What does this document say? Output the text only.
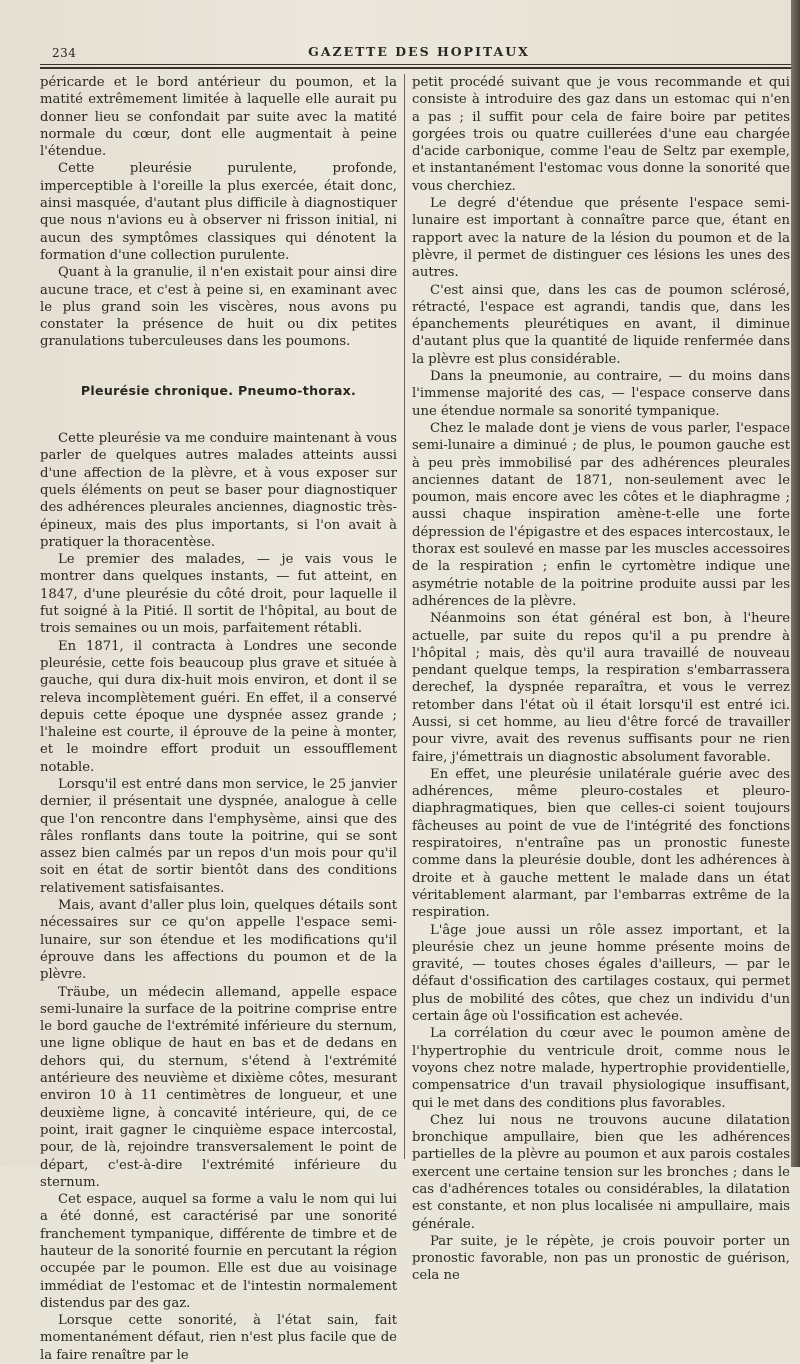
234	GAZETTE DES HOPITAUX

péricarde et le bord antérieur du poumon, et la matité extrêmement limitée à laquelle elle aurait pu donner lieu se confondait par suite avec la matité normale du cœur, dont elle augmentait à peine l'étendue.

Cette pleurésie purulente, profonde, imperceptible à l'oreille la plus exercée, était donc, ainsi masquée, d'autant plus difficile à diagnostiquer que nous n'avions eu à observer ni frisson initial, ni aucun des symptômes classiques qui dénotent la formation d'une collection purulente.

Quant à la granulie, il n'en existait pour ainsi dire aucune trace, et c'est à peine si, en examinant avec le plus grand soin les viscères, nous avons pu constater la présence de huit ou dix petites granulations tuberculeuses dans les poumons.

Pleurésie chronique. Pneumo-thorax.

Cette pleurésie va me conduire maintenant à vous parler de quelques autres malades atteints aussi d'une affection de la plèvre, et à vous exposer sur quels éléments on peut se baser pour diagnostiquer des adhérences pleurales anciennes, diagnostic très-épineux, mais des plus importants, si l'on avait à pratiquer la thoracentèse.

Le premier des malades, — je vais vous le montrer dans quelques instants, — fut atteint, en 1847, d'une pleurésie du côté droit, pour laquelle il fut soigné à la Pitié. Il sortit de l'hôpital, au bout de trois semaines ou un mois, parfaitement rétabli.

En 1871, il contracta à Londres une seconde pleurésie, cette fois beaucoup plus grave et située à gauche, qui dura dix-huit mois environ, et dont il se releva incomplètement guéri. En effet, il a conservé depuis cette époque une dyspnée assez grande ; l'haleine est courte, il éprouve de la peine à monter, et le moindre effort produit un essoufflement notable.

Lorsqu'il est entré dans mon service, le 25 janvier dernier, il présentait une dyspnée, analogue à celle que l'on rencontre dans l'emphysème, ainsi que des râles ronflants dans toute la poitrine, qui se sont assez bien calmés par un repos d'un mois pour qu'il soit en état de sortir bientôt dans des conditions relativement satisfaisantes.

Mais, avant d'aller plus loin, quelques détails sont nécessaires sur ce qu'on appelle l'espace semi-lunaire, sur son étendue et les modifications qu'il éprouve dans les affections du poumon et de la plèvre.

Träube, un médecin allemand, appelle espace semi-lunaire la surface de la poitrine comprise entre le bord gauche de l'extrémité inférieure du sternum, une ligne oblique de haut en bas et de dedans en dehors qui, du sternum, s'étend à l'extrémité antérieure des neuvième et dixième côtes, mesurant environ 10 à 11 centimètres de longueur, et une deuxième ligne, à concavité intérieure, qui, de ce point, irait gagner le cinquième espace intercostal, pour, de là, rejoindre transversalement le point de départ, c'est-à-dire l'extrémité inférieure du sternum.

Cet espace, auquel sa forme a valu le nom qui lui a été donné, est caractérisé par une sonorité franchement tympanique, différente de timbre et de hauteur de la sonorité fournie en percutant la région occupée par le poumon. Elle est due au voisinage immédiat de l'estomac et de l'intestin normalement distendus par des gaz.

Lorsque cette sonorité, à l'état sain, fait momentanément défaut, rien n'est plus facile que de la faire renaître par le

petit procédé suivant que je vous recommande et qui consiste à introduire des gaz dans un estomac qui n'en a pas ; il suffit pour cela de faire boire par petites gorgées trois ou quatre cuillerées d'une eau chargée d'acide carbonique, comme l'eau de Seltz par exemple, et instantanément l'estomac vous donne la sonorité que vous cherchiez.

Le degré d'étendue que présente l'espace semi-lunaire est important à connaître parce que, étant en rapport avec la nature de la lésion du poumon et de la plèvre, il permet de distinguer ces lésions les unes des autres.

C'est ainsi que, dans les cas de poumon sclérosé, rétracté, l'espace est agrandi, tandis que, dans les épanchements pleurétiques en avant, il diminue d'autant plus que la quantité de liquide renfermée dans la plèvre est plus considérable.

Dans la pneumonie, au contraire, — du moins dans l'immense majorité des cas, — l'espace conserve dans une étendue normale sa sonorité tympanique.

Chez le malade dont je viens de vous parler, l'espace semi-lunaire a diminué ; de plus, le poumon gauche est à peu près immobilisé par des adhérences pleurales anciennes datant de 1871, non-seulement avec le poumon, mais encore avec les côtes et le diaphragme ; aussi chaque inspiration amène-t-elle une forte dépression de l'épigastre et des espaces intercostaux, le thorax est soulevé en masse par les muscles accessoires de la respiration ; enfin le cyrtomètre indique une asymétrie notable de la poitrine produite aussi par les adhérences de la plèvre.

Néanmoins son état général est bon, à l'heure actuelle, par suite du repos qu'il a pu prendre à l'hôpital ; mais, dès qu'il aura travaillé de nouveau pendant quelque temps, la respiration s'embarrassera derechef, la dyspnée reparaîtra, et vous le verrez retomber dans l'état où il était lorsqu'il est entré ici. Aussi, si cet homme, au lieu d'être forcé de travailler pour vivre, avait des revenus suffisants pour ne rien faire, j'émettrais un diagnostic absolument favorable.

En effet, une pleurésie unilatérale guérie avec des adhérences, même pleuro-costales et pleuro-diaphragmatiques, bien que celles-ci soient toujours fâcheuses au point de vue de l'intégrité des fonctions respiratoires, n'entraîne pas un pronostic funeste comme dans la pleurésie double, dont les adhérences à droite et à gauche mettent le malade dans un état véritablement alarmant, par l'embarras extrême de la respiration.

L'âge joue aussi un rôle assez important, et la pleurésie chez un jeune homme présente moins de gravité, — toutes choses égales d'ailleurs, — par le défaut d'ossification des cartilages costaux, qui permet plus de mobilité des côtes, que chez un individu d'un certain âge où l'ossification est achevée.

La corrélation du cœur avec le poumon amène de l'hypertrophie du ventricule droit, comme nous le voyons chez notre malade, hypertrophie providentielle, compensatrice d'un travail physiologique insuffisant, qui le met dans des conditions plus favorables.

Chez lui nous ne trouvons aucune dilatation bronchique ampullaire, bien que les adhérences partielles de la plèvre au poumon et aux parois costales exercent une certaine tension sur les bronches ; dans le cas d'adhérences totales ou considérables, la dilatation est constante, et non plus localisée ni ampullaire, mais générale.

Par suite, je le répète, je crois pouvoir porter un pronostic favorable, non pas un pronostic de guérison, cela ne
